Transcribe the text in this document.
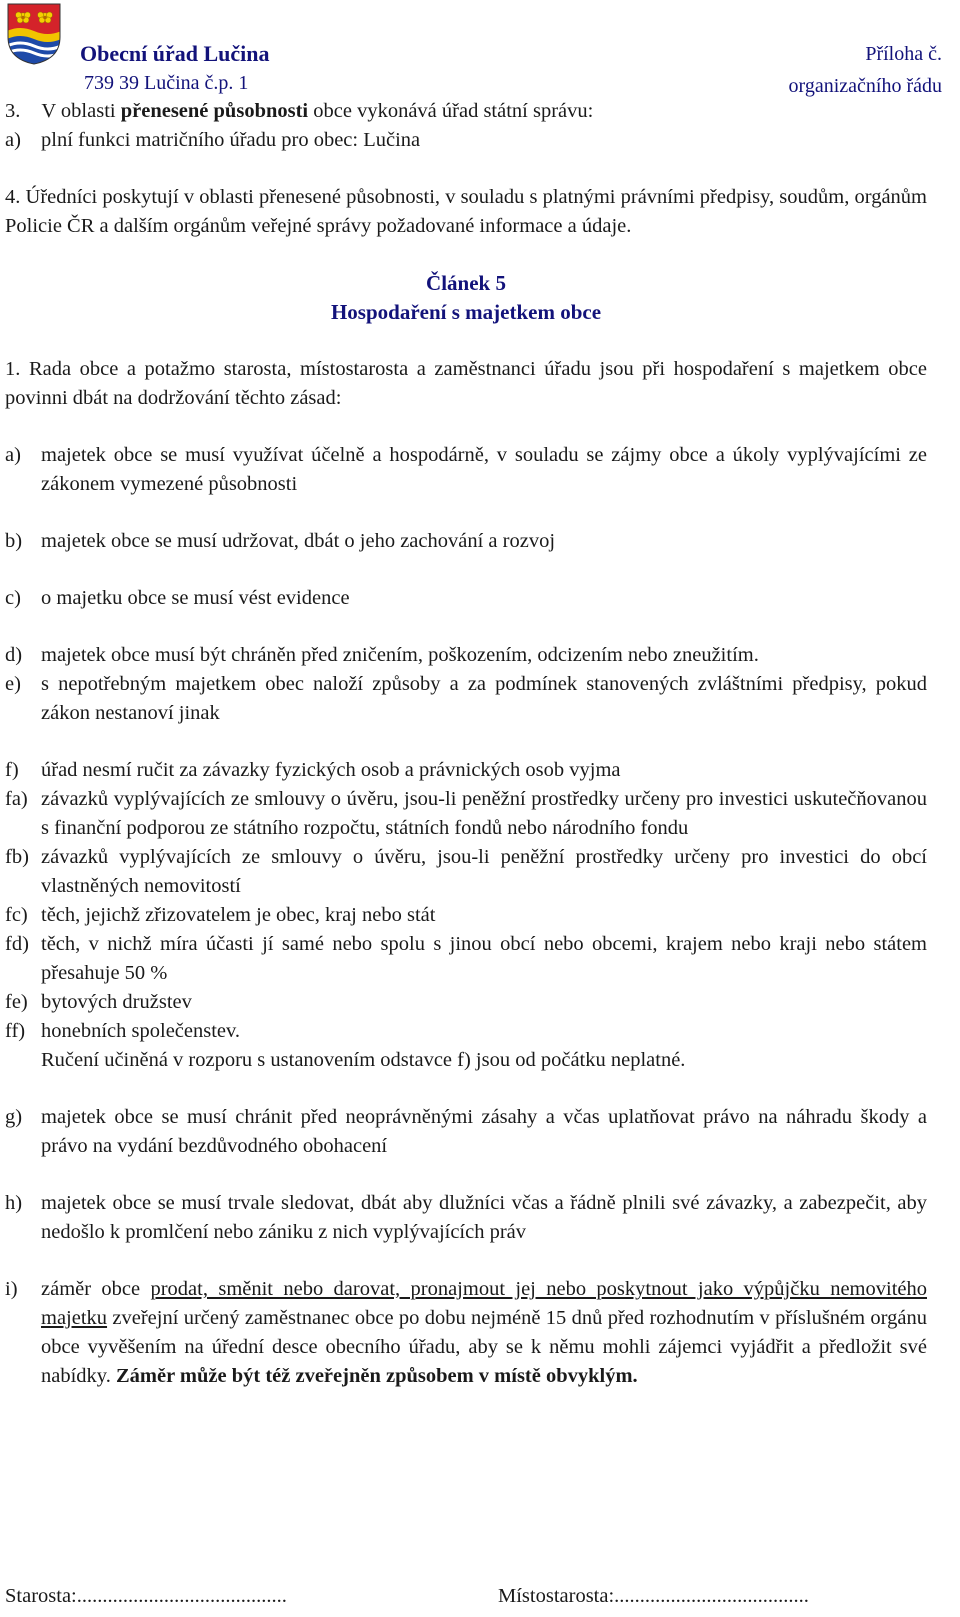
Obecní úřad Lučina
739 39 Lučina č.p. 1
Příloha č.
organizačního řádu

3. V oblasti přenesené působnosti obce vykonává úřad státní správu:

a) plní funkci matričního úřadu pro obec: Lučina

4. Úředníci poskytují v oblasti přenesené působnosti, v souladu s platnými právními předpisy, soudům, orgánům Policie ČR a dalším orgánům veřejné správy požadované informace a údaje.

Článek 5
Hospodaření s majetkem obce

1. Rada obce a potažmo starosta, místostarosta a zaměstnanci úřadu jsou při hospodaření s majetkem obce povinni dbát na dodržování těchto zásad:

a) majetek obce se musí využívat účelně a hospodárně, v souladu se zájmy obce a úkoly vyplývajícími ze zákonem vymezené působnosti
b) majetek obce se musí udržovat, dbát o jeho zachování a rozvoj
c) o majetku obce se musí vést evidence
d) majetek obce musí být chráněn před zničením, poškozením, odcizením nebo zneužitím.
e) s nepotřebným majetkem obec naloží způsoby a za podmínek stanovených zvláštními předpisy, pokud zákon nestanoví jinak
f)	úřad nesmí ručit za závazky fyzických osob a právnických osob vyjma
fa) závazků vyplývajících ze smlouvy o úvěru, jsou-li peněžní prostředky určeny pro investici uskutečňovanou s finanční podporou ze státního rozpočtu, státních fondů nebo národního fondu
fb) závazků vyplývajících ze smlouvy o úvěru, jsou-li peněžní prostředky určeny pro investici do obcí vlastněných nemovitostí
fc) těch, jejichž zřizovatelem je obec, kraj nebo stát
fd) těch, v nichž míra účasti jí samé nebo spolu s jinou obcí nebo obcemi, krajem nebo kraji nebo státem přesahuje 50 %
fe) bytových družstev
ff) honebních společenstev.
Ručení učiněná v rozporu s ustanovením odstavce f) jsou od počátku neplatné.
g) majetek obce se musí chránit před neoprávněnými zásahy a včas uplatňovat právo na náhradu škody a právo na vydání bezdůvodného obohacení
h) majetek obce se musí trvale sledovat, dbát aby dlužníci včas a řádně plnili své závazky, a zabezpečit, aby nedošlo k promlčení nebo zániku z nich vyplývajících práv
i)	záměr obce prodat, směnit nebo darovat, pronajmout jej nebo poskytnout jako výpůjčku nemovitého majetku zveřejní určený zaměstnanec obce po dobu nejméně 15 dnů před rozhodnutím v příslušném orgánu obce vyvěšením na úřední desce obecního úřadu, aby se k němu mohli zájemci vyjádřit a předložit své nabídky. Záměr může být též zveřejněn způsobem v místě obvyklým.
Starosta:.........................................	Místostarosta:......................................
